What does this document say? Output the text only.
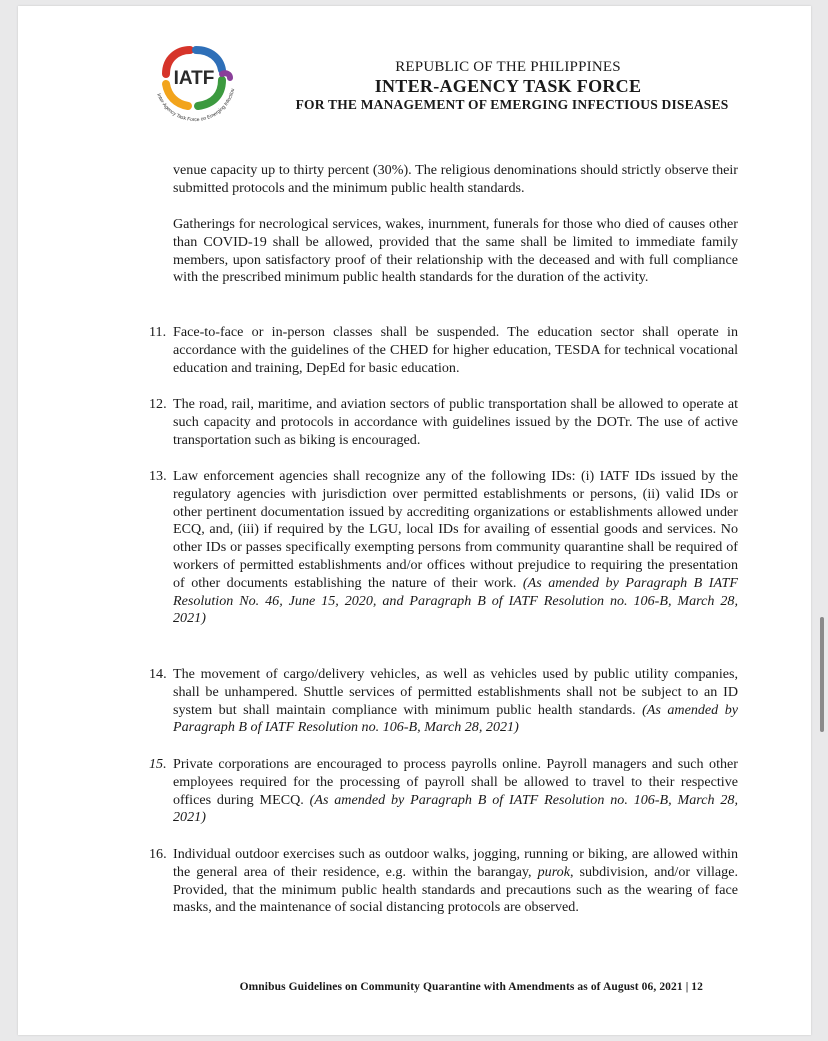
IATF
Inter-Agency Task Force on Emerging Infectiou
REPUBLIC OF THE PHILIPPINES
INTER-AGENCY TASK FORCE
FOR THE MANAGEMENT OF EMERGING INFECTIOUS DISEASES
venue capacity up to thirty percent (30%). The religious denominations should strictly observe their submitted protocols and the minimum public health standards.
Gatherings for necrological services, wakes, inurnment, funerals for those who died of causes other than COVID-19 shall be allowed, provided that the same shall be limited to immediate family members, upon satisfactory proof of their relationship with the deceased and with full compliance with the prescribed minimum public health standards for the duration of the activity.
11. Face-to-face or in-person classes shall be suspended. The education sector shall operate in accordance with the guidelines of the CHED for higher education, TESDA for technical vocational education and training, DepEd for basic education.
12. The road, rail, maritime, and aviation sectors of public transportation shall be allowed to operate at such capacity and protocols in accordance with guidelines issued by the DOTr. The use of active transportation such as biking is encouraged.
13. Law enforcement agencies shall recognize any of the following IDs: (i) IATF IDs issued by the regulatory agencies with jurisdiction over permitted establishments or persons, (ii) valid IDs or other pertinent documentation issued by accrediting organizations or establishments allowed under ECQ, and, (iii) if required by the LGU, local IDs for availing of essential goods and services. No other IDs or passes specifically exempting persons from community quarantine shall be required of workers of permitted establishments and/or offices without prejudice to requiring the presentation of other documents establishing the nature of their work. (As amended by Paragraph B IATF Resolution No. 46, June 15, 2020, and Paragraph B of IATF Resolution no. 106-B, March 28, 2021)
14. The movement of cargo/delivery vehicles, as well as vehicles used by public utility companies, shall be unhampered. Shuttle services of permitted establishments shall not be subject to an ID system but shall maintain compliance with minimum public health standards. (As amended by Paragraph B of IATF Resolution no. 106-B, March 28, 2021)
15. Private corporations are encouraged to process payrolls online. Payroll managers and such other employees required for the processing of payroll shall be allowed to travel to their respective offices during MECQ. (As amended by Paragraph B of IATF Resolution no. 106-B, March 28, 2021)
16. Individual outdoor exercises such as outdoor walks, jogging, running or biking, are allowed within the general area of their residence, e.g. within the barangay, purok, subdivision, and/or village. Provided, that the minimum public health standards and precautions such as the wearing of face masks, and the maintenance of social distancing protocols are observed.
Omnibus Guidelines on Community Quarantine with Amendments as of August 06, 2021 | 12
